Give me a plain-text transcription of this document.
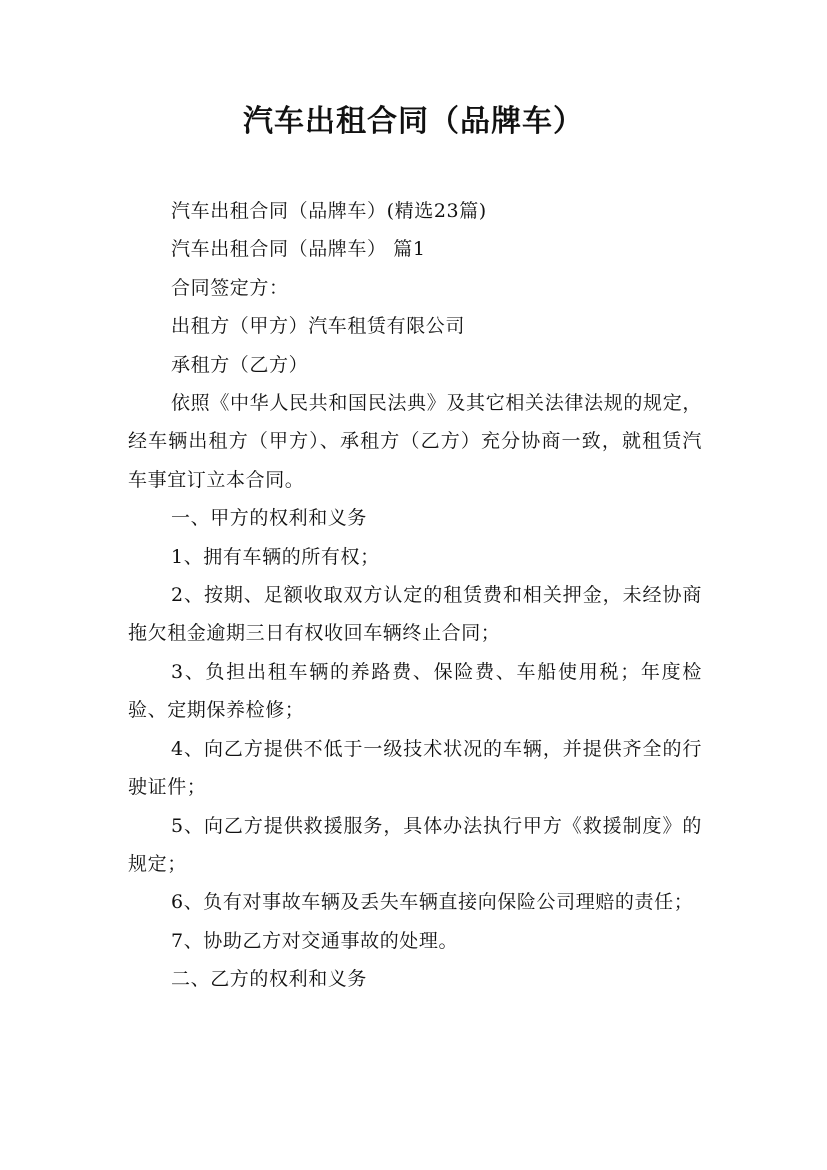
汽车出租合同（品牌车）

汽车出租合同（品牌车）(精选23篇)

汽车出租合同（品牌车） 篇1

合同签定方：

出租方（甲方）汽车租赁有限公司

承租方（乙方）

依照《中华人民共和国民法典》及其它相关法律法规的规定，经车辆出租方（甲方）、承租方（乙方）充分协商一致，就租赁汽车事宜订立本合同。

一、甲方的权利和义务

1、拥有车辆的所有权；

2、按期、足额收取双方认定的租赁费和相关押金，未经协商拖欠租金逾期三日有权收回车辆终止合同；

3、负担出租车辆的养路费、保险费、车船使用税；年度检验、定期保养检修；

4、向乙方提供不低于一级技术状况的车辆，并提供齐全的行驶证件；

5、向乙方提供救援服务，具体办法执行甲方《救援制度》的规定；

6、负有对事故车辆及丢失车辆直接向保险公司理赔的责任；

7、协助乙方对交通事故的处理。

二、乙方的权利和义务
